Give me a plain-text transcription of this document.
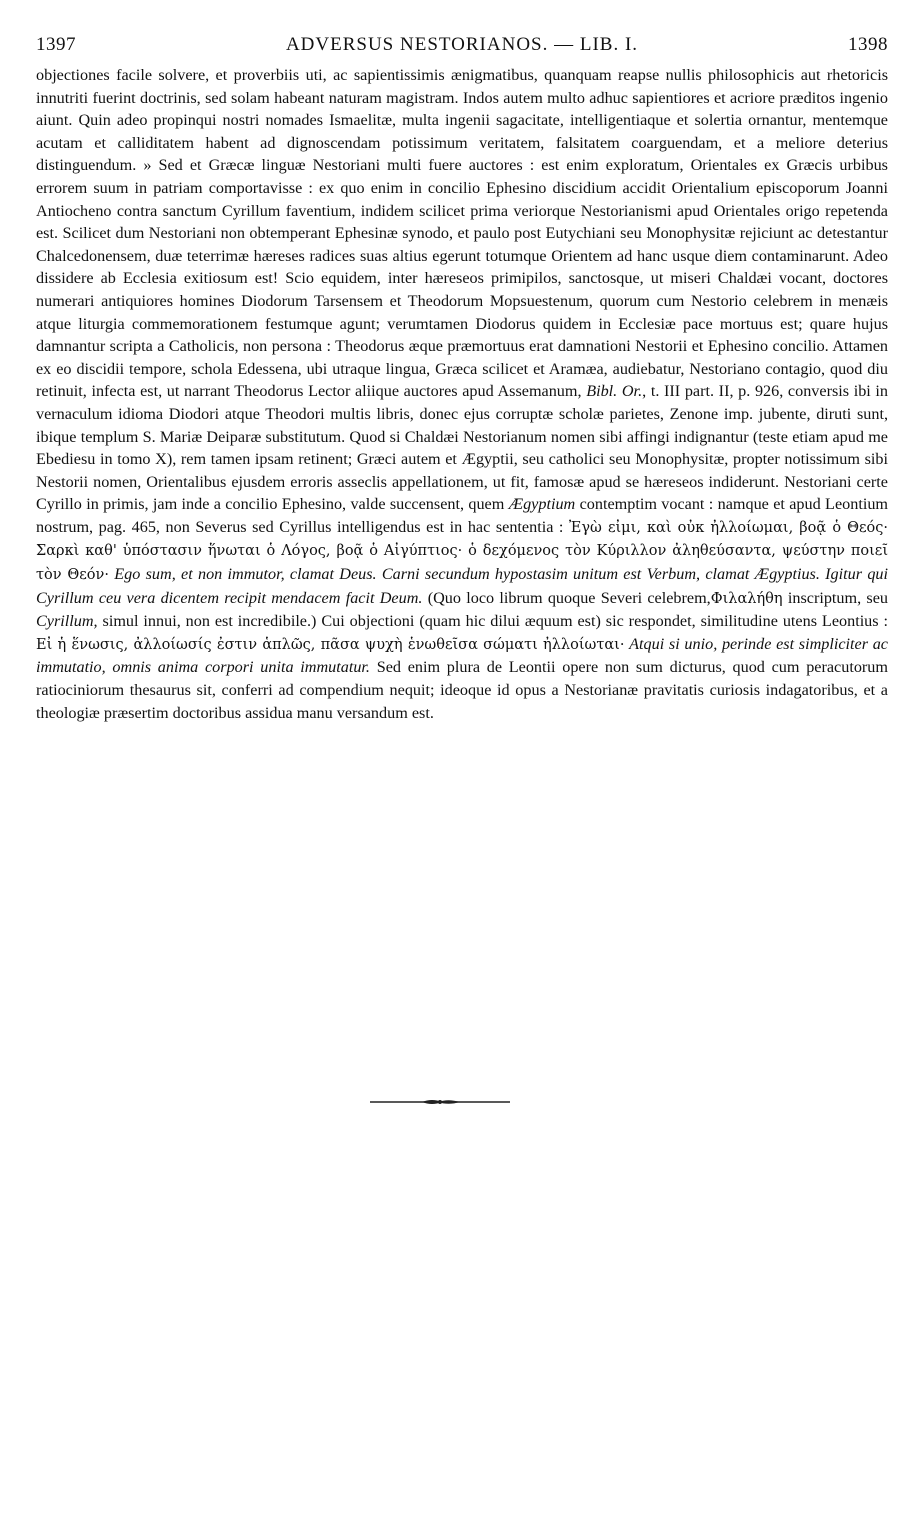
1397	ADVERSUS NESTORIANOS. — LIB. I.	1398

objectiones facile solvere, et proverbiis uti, ac sapientissimis ænigmatibus, quanquam reapse nullis philosophicis aut rhetoricis innutriti fuerint doctrinis, sed solam habeant naturam magistram. Indos autem multo adhuc sapientiores et acriore præditos ingenio aiunt. Quin adeo propinqui nostri nomades Ismaelitæ, multa ingenii sagacitate, intelligentiaque et solertia ornantur, mentemque acutam et calliditatem habent ad dignoscendam potissimum veritatem, falsitatem coarguendam, et a meliore deterius distinguendum. » Sed et Græcæ linguæ Nestoriani multi fuere auctores : est enim exploratum, Orientales ex Græcis urbibus errorem suum in patriam comportavisse : ex quo enim in concilio Ephesino discidium accidit Orientalium episcoporum Joanni Antiocheno contra sanctum Cyrillum faventium, indidem scilicet prima veriorque Nestorianismi apud Orientales origo repetenda est. Scilicet dum Nestoriani non obtemperant Ephesinæ synodo, et paulo post Eutychiani seu Monophysitæ rejiciunt ac detestantur Chalcedonensem, duæ teterrimæ hæreses radices suas altius egerunt totumque Orientem ad hanc usque diem contaminarunt. Adeo dissidere ab Ecclesia exitiosum est! Scio equidem, inter hæreseos primipilos, sanctosque, ut miseri Chaldæi vocant, doctores numerari antiquiores homines Diodorum Tarsensem et Theodorum Mopsuestenum, quorum cum Nestorio celebrem in menæis atque liturgia commemorationem festumque agunt; verumtamen Diodorus quidem in Ecclesiæ pace mortuus est; quare hujus damnantur scripta a Catholicis, non persona : Theodorus æque præmortuus erat damnationi Nestorii et Ephesino concilio. Attamen ex eo discidii tempore, schola Edessena, ubi utraque lingua, Græca scilicet et Aramæa, audiebatur, Nestoriano contagio, quod diu retinuit, infecta est, ut narrant Theodorus Lector aliique auctores apud Assemanum, Bibl. Or., t. III part. II, p. 926, conversis ibi in vernaculum idioma Diodori atque Theodori multis libris, donec ejus corruptæ scholæ parietes, Zenone imp. jubente, diruti sunt, ibique templum S. Mariæ Deiparæ substitutum. Quod si Chaldæi Nestorianum nomen sibi affingi indignantur (teste etiam apud me Ebediesu in tomo X), rem tamen ipsam retinent; Græci autem et Ægyptii, seu catholici seu Monophysitæ, propter notissimum sibi Nestorii nomen, Orientalibus ejusdem erroris asseclis appellationem, ut fit, famosæ apud se hæreseos indiderunt. Nestoriani certe Cyrillo in primis, jam inde a concilio Ephesino, valde succensent, quem Ægyptium contemptim vocant : namque et apud Leontium nostrum, pag. 465, non Severus sed Cyrillus intelligendus est in hac sententia : Ἐγὼ εἰμι, καὶ οὐκ ἠλλοίωμαι, βοᾷ ὁ Θεός· Σαρκὶ καθ' ὑπόστασιν ἥνωται ὁ Λόγος, βοᾷ ὁ Αἰγύπτιος· ὁ δεχόμενος τὸν Κύριλλον ἀληθεύσαντα, ψεύστην ποιεῖ τὸν Θεόν· Ego sum, et non immutor, clamat Deus. Carni secundum hypostasim unitum est Verbum, clamat Ægyptius. Igitur qui Cyrillum ceu vera dicentem recipit mendacem facit Deum. (Quo loco librum quoque Severi celebrem,Φιλαλήθη inscriptum, seu Cyrillum, simul innui, non est incredibile.) Cui objectioni (quam hic dilui æquum est) sic respondet, similitudine utens Leontius : Εἰ ἡ ἕνωσις, ἀλλοίωσίς ἐστιν ἁπλῶς, πᾶσα ψυχὴ ἑνωθεῖσα σώματι ἠλλοίωται· Atqui si unio, perinde est simpliciter ac immutatio, omnis anima corpori unita immutatur. Sed enim plura de Leontii opere non sum dicturus, quod cum peracutorum ratiociniorum thesaurus sit, conferri ad compendium nequit; ideoque id opus a Nestorianæ pravitatis curiosis indagatoribus, et a theologiæ præsertim doctoribus assidua manu versandum est.
